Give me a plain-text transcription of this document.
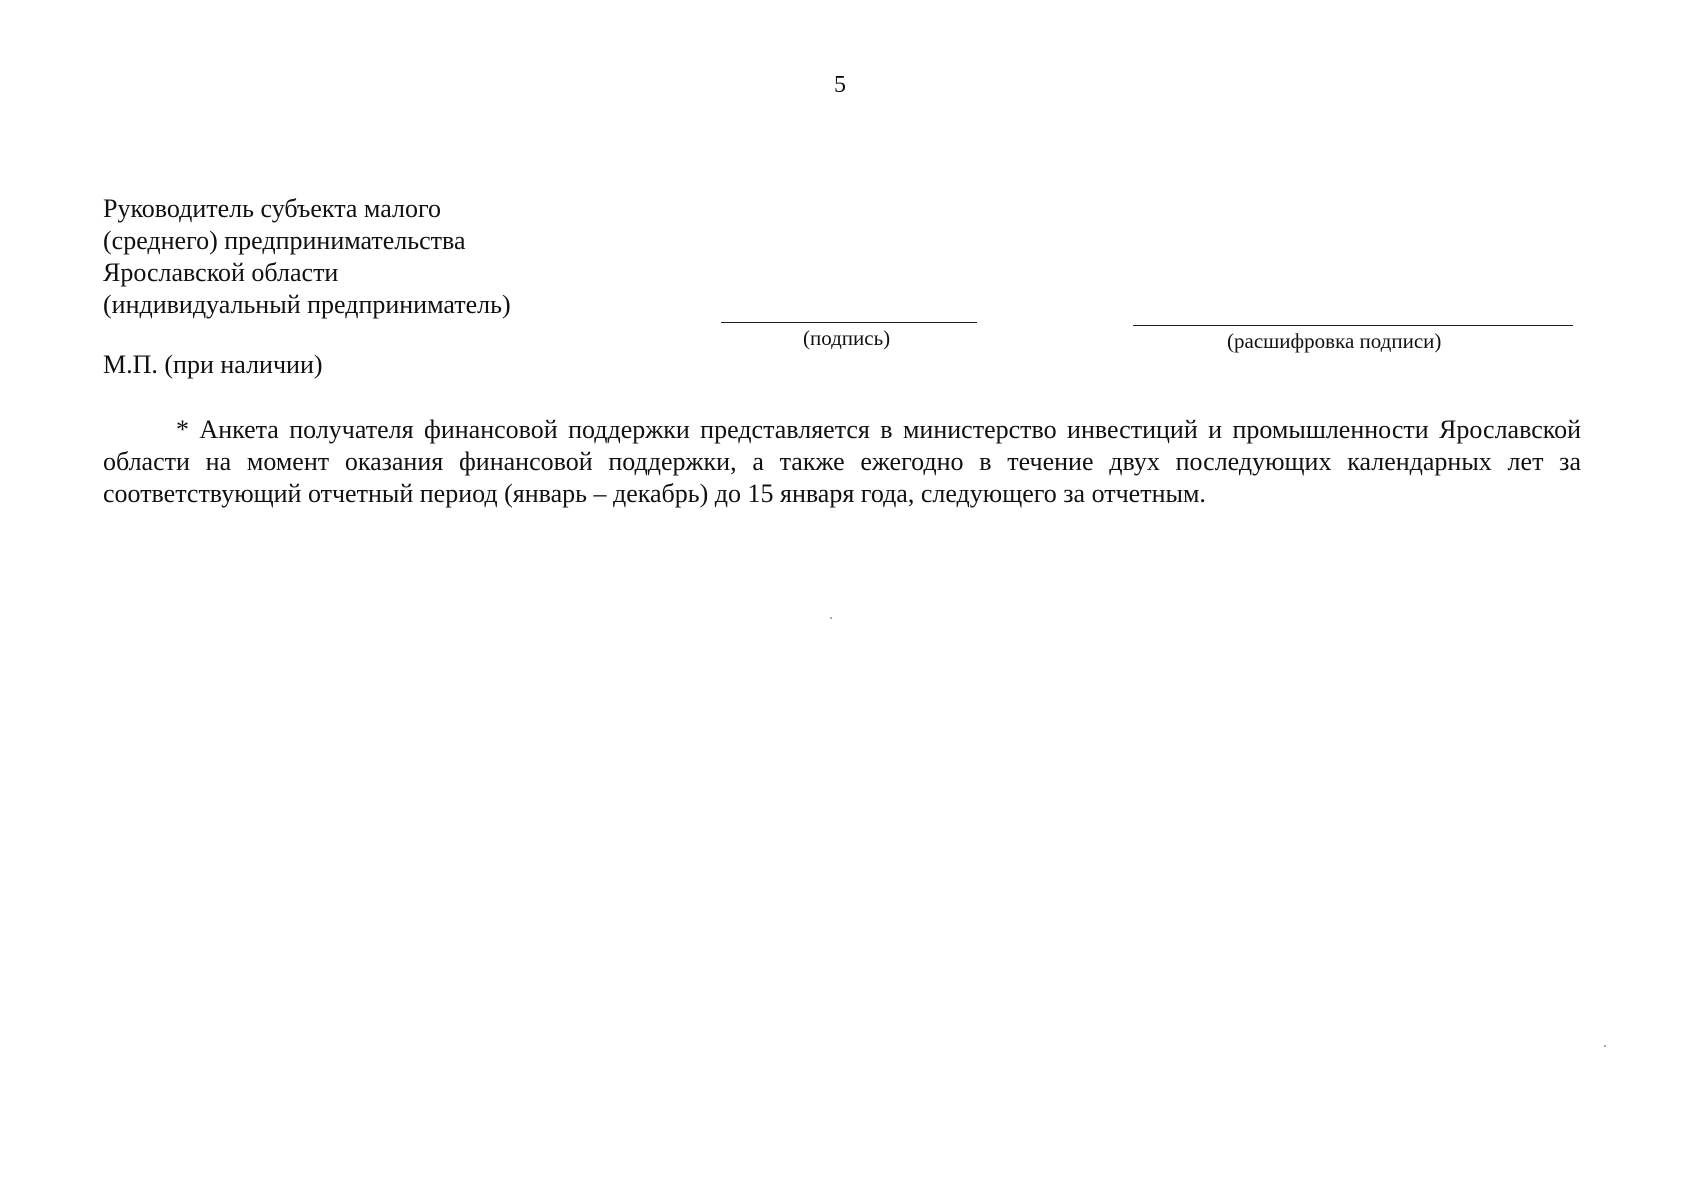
5
Руководитель субъекта малого
(среднего) предпринимательства
Ярославской области
(индивидуальный предприниматель)
(подпись)	(расшифровка подписи)
М.П. (при наличии)

* Анкета получателя финансовой поддержки представляется в министерство инвестиций и промышленности Ярославской области на момент оказания финансовой поддержки, а также ежегодно в течение двух последующих календарных лет за соответствующий отчетный период (январь – декабрь) до 15 января года, следующего за отчетным.
